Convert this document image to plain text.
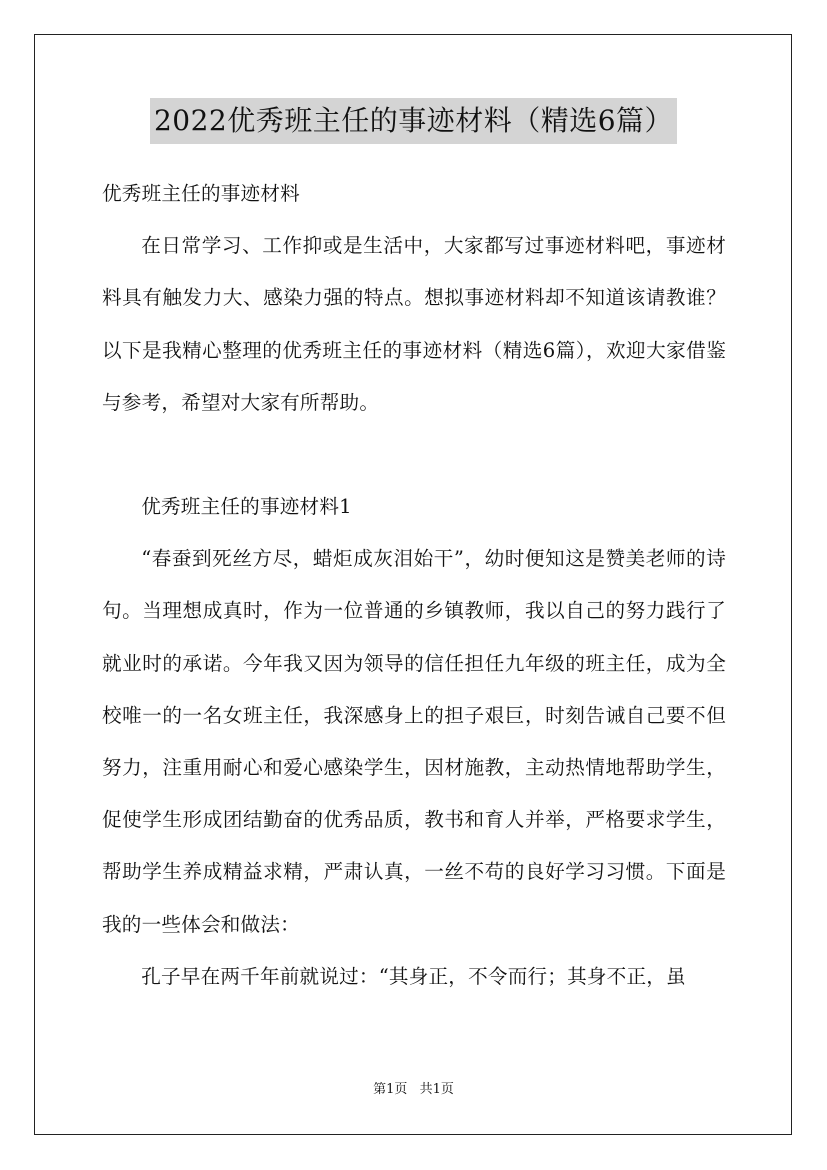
2022优秀班主任的事迹材料（精选6篇）

优秀班主任的事迹材料

在日常学习、工作抑或是生活中，大家都写过事迹材料吧，事迹材料具有触发力大、感染力强的特点。想拟事迹材料却不知道该请教谁？以下是我精心整理的优秀班主任的事迹材料（精选6篇），欢迎大家借鉴与参考，希望对大家有所帮助。

优秀班主任的事迹材料1

“春蚕到死丝方尽，蜡炬成灰泪始干”，幼时便知这是赞美老师的诗句。当理想成真时，作为一位普通的乡镇教师，我以自己的努力践行了就业时的承诺。今年我又因为领导的信任担任九年级的班主任，成为全校唯一的一名女班主任，我深感身上的担子艰巨，时刻告诫自己要不但努力，注重用耐心和爱心感染学生，因材施教，主动热情地帮助学生，促使学生形成团结勤奋的优秀品质，教书和育人并举，严格要求学生，帮助学生养成精益求精，严肃认真，一丝不苟的良好学习习惯。下面是我的一些体会和做法：

孔子早在两千年前就说过：“其身正，不令而行；其身不正，虽

第1页 共1页
